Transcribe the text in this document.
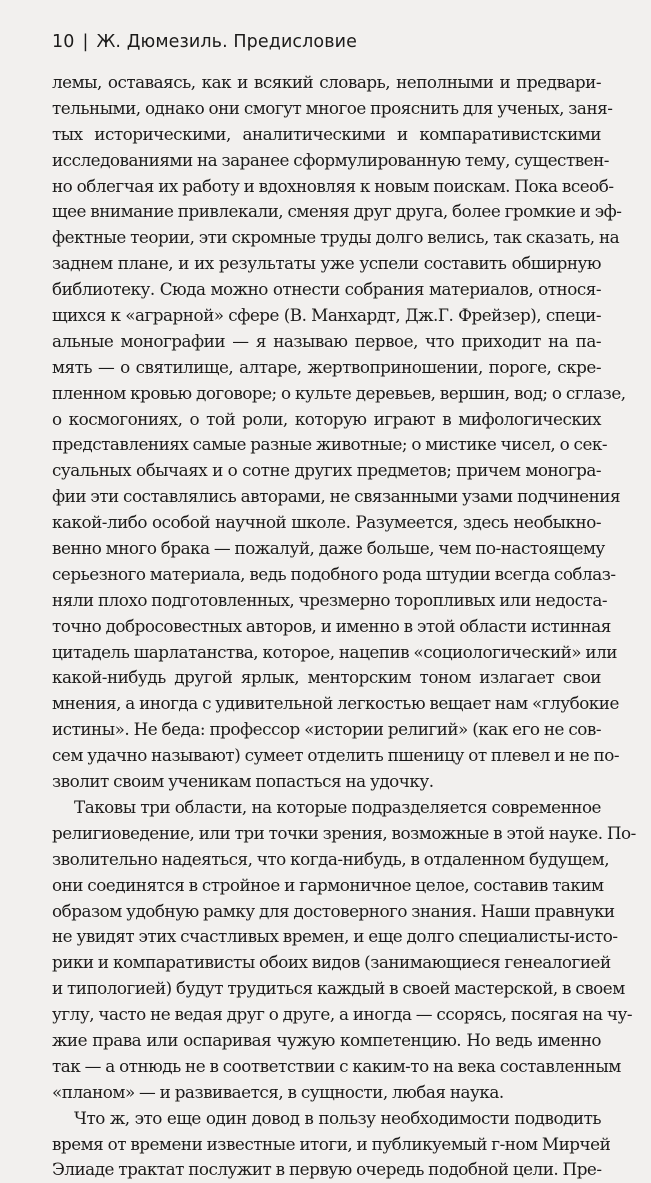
10 | Ж. Дюмезиль. Предисловие
лемы, оставаясь, как и всякий словарь, неполными и предвари-
тельными, однако они смогут многое прояснить для ученых, заня-
тых историческими, аналитическими и компаративистскими
исследованиями на заранее сформулированную тему, существен-
но облегчая их работу и вдохновляя к новым поискам. Пока всеоб-
щее внимание привлекали, сменяя друг друга, более громкие и эф-
фектные теории, эти скромные труды долго велись, так сказать, на
заднем плане, и их результаты уже успели составить обширную
библиотеку. Сюда можно отнести собрания материалов, относя-
щихся к «аграрной» сфере (В. Манхардт, Дж.Г. Фрейзер), специ-
альные монографии — я называю первое, что приходит на па-
мять — о святилище, алтаре, жертвоприношении, пороге, скре-
пленном кровью договоре; о культе деревьев, вершин, вод; о сглазе,
о космогониях, о той роли, которую играют в мифологических
представлениях самые разные животные; о мистике чисел, о сек-
суальных обычаях и о сотне других предметов; причем моногра-
фии эти составлялись авторами, не связанными узами подчинения
какой-либо особой научной школе. Разумеется, здесь необыкно-
венно много брака — пожалуй, даже больше, чем по-настоящему
серьезного материала, ведь подобного рода штудии всегда соблаз-
няли плохо подготовленных, чрезмерно торопливых или недоста-
точно добросовестных авторов, и именно в этой области истинная
цитадель шарлатанства, которое, нацепив «социологический» или
какой-нибудь другой ярлык, менторским тоном излагает свои
мнения, а иногда с удивительной легкостью вещает нам «глубокие
истины». Не беда: профессор «истории религий» (как его не сов-
сем удачно называют) сумеет отделить пшеницу от плевел и не по-
зволит своим ученикам попасться на удочку.
Таковы три области, на которые подразделяется современное
религиоведение, или три точки зрения, возможные в этой науке. По-
зволительно надеяться, что когда-нибудь, в отдаленном будущем,
они соединятся в стройное и гармоничное целое, составив таким
образом удобную рамку для достоверного знания. Наши правнуки
не увидят этих счастливых времен, и еще долго специалисты-истo-
рики и компаративисты обоих видов (занимающиеся генеалогией
и типологией) будут трудиться каждый в своей мастерской, в своем
углу, часто не ведая друг о друге, а иногда — ссорясь, посягая на чу-
жие права или оспаривая чужую компетенцию. Но ведь именно
так — а отнюдь не в соответствии с каким-то на века составленным
«планом» — и развивается, в сущности, любая наука.
Что ж, это еще один довод в пользу необходимости подводить
время от времени известные итоги, и публикуемый г-ном Мирчей
Элиаде трактат послужит в первую очередь подобной цели. Пре-
